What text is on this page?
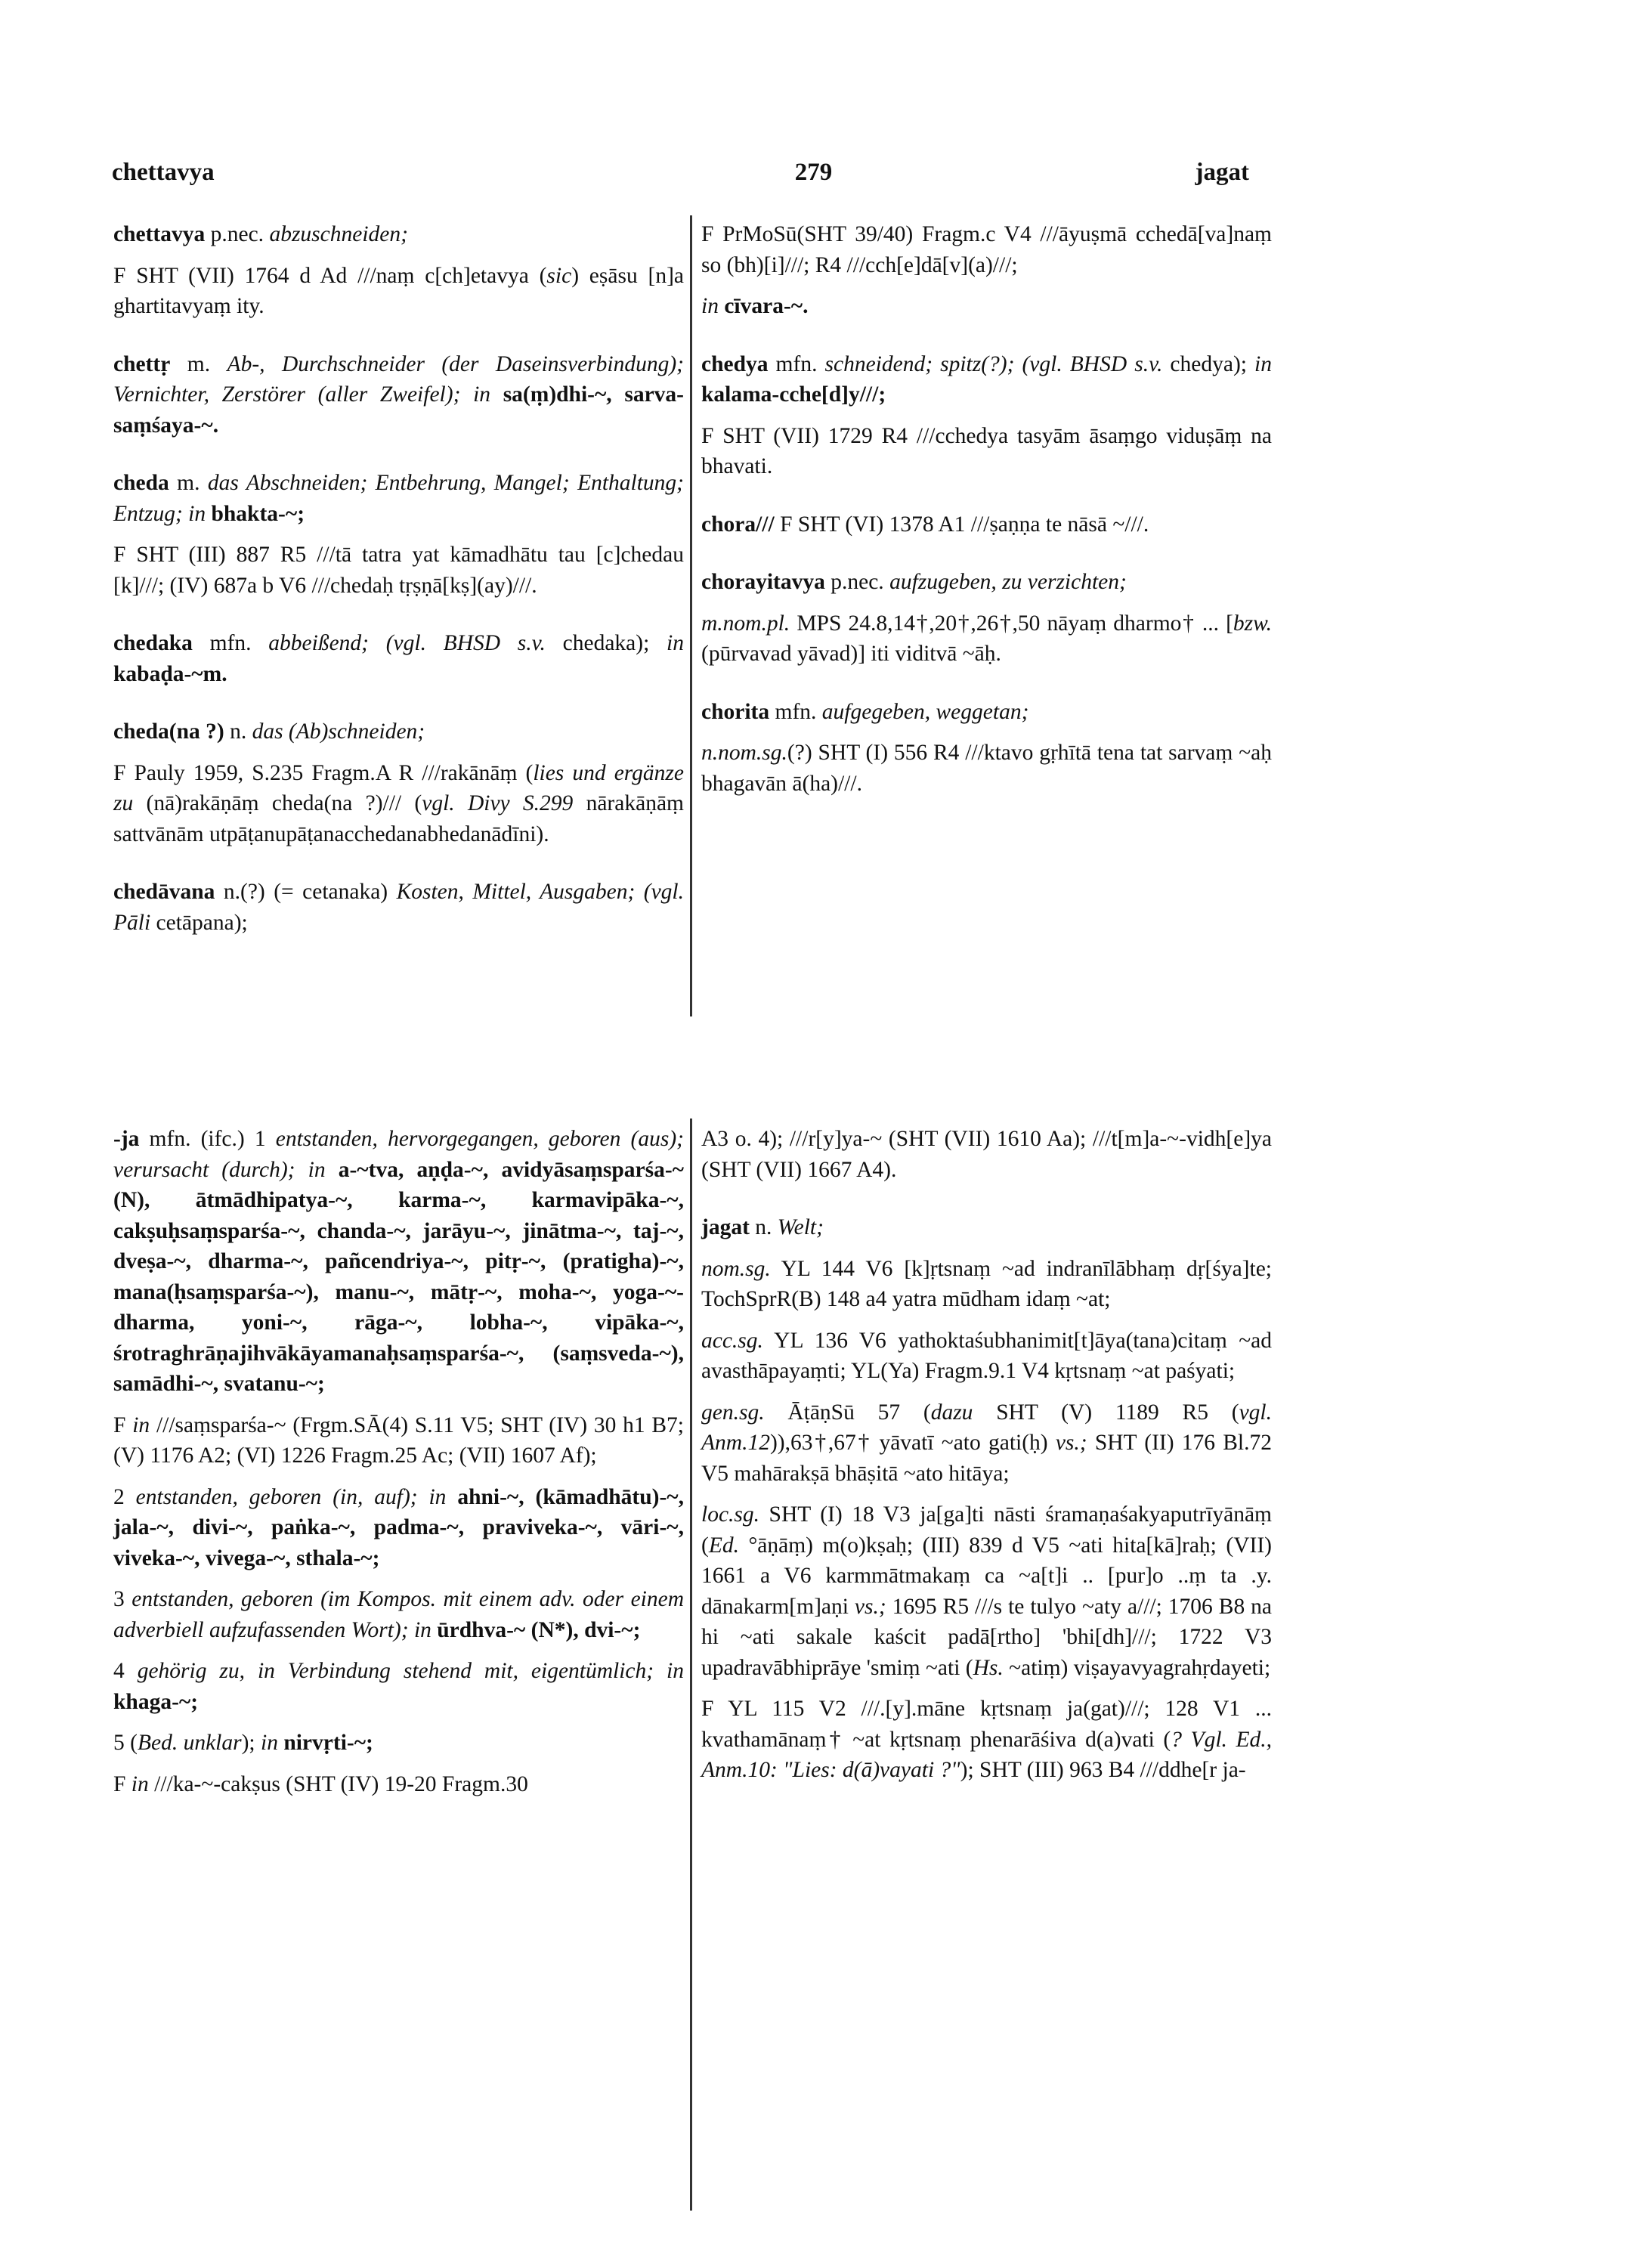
chettavya	279	jagat
chettavya p.nec. abzuschneiden;
F SHT (VII) 1764 d Ad ///naṃ c[ch]etavya (sic) eṣāsu [n]a ghartitavyaṃ ity.
chettṛ m. Ab-, Durchschneider (der Daseinsverbindung); Vernichter, Zerstörer (aller Zweifel); in sa(ṃ)dhi-~, sarva-saṃśaya-~.
cheda m. das Abschneiden; Entbehrung, Mangel; Enthaltung; Entzug; in bhakta-~;
F SHT (III) 887 R5 ///tā tatra yat kāmadhātu tau [c]chedau [k]///; (IV) 687a b V6 ///chedaḥ tṛṣṇā[kṣ](ay)///.
chedaka mfn. abbeißend; (vgl. BHSD s.v. chedaka); in kabaḍa-~m.
cheda(na ?) n. das (Ab)schneiden;
F Pauly 1959, S.235 Fragm.A R ///rakānāṃ (lies und ergänze zu (nā)rakāṇāṃ cheda(na ?)/// (vgl. Divy S.299 nārakāṇāṃ sattvānām utpāṭanupāṭanacchedanabhedanādīni).
chedāvana n.(?) (= cetanaka) Kosten, Mittel, Ausgaben; (vgl. Pāli cetāpana);
F PrMoSū(SHT 39/40) Fragm.c V4 ///āyuṣmā cchedā[va]naṃ so (bh)[i]///; R4 ///cch[e]dā[v](a)///;
in cīvara-~.
chedya mfn. schneidend; spitz(?); (vgl. BHSD s.v. chedya); in kalama-cche[d]y///;
F SHT (VII) 1729 R4 ///cchedya tasyām āsaṃgo viduṣāṃ na bhavati.
chora/// F SHT (VI) 1378 A1 ///ṣaṇṇa te nāsā ~///.
chorayitavya p.nec. aufzugeben, zu verzichten;
m.nom.pl. MPS 24.8,14†,20†,26†,50 nāyaṃ dharmo† ... [bzw. (pūrvavad yāvad)] iti viditvā ~āḥ.
chorita mfn. aufgegeben, weggetan;
n.nom.sg.(?) SHT (I) 556 R4 ///ktavo gṛhītā tena tat sarvaṃ ~aḥ bhagavān ā(ha)///.
-ja mfn. (ifc.) 1 entstanden, hervorgegangen, geboren (aus); verursacht (durch); in a-~tva, aṇḍa-~, avidyāsaṃsparśa-~ (N), ātmādhipatya-~, karma-~, karmavipāka-~, cakṣuḥsaṃsparśa-~, chanda-~, jarāyu-~, jinātma-~, taj-~, dveṣa-~, dharma-~, pañcendriya-~, pitṛ-~, (pratigha)-~, mana(ḥsaṃsparśa-~), manu-~, mātṛ-~, moha-~, yoga-~-dharma, yoni-~, rāga-~, lobha-~, vipāka-~, śrotraghrāṇajihvākāyamanaḥsaṃsparśa-~, (saṃsveda-~), samādhi-~, svatanu-~;
F in ///saṃsparśa-~ (Frgm.SĀ(4) S.11 V5; SHT (IV) 30 h1 B7; (V) 1176 A2; (VI) 1226 Fragm.25 Ac; (VII) 1607 Af);
2 entstanden, geboren (in, auf); in ahni-~, (kāmadhātu)-~, jala-~, divi-~, paṅka-~, padma-~, pravivekа-~, vāri-~, viveka-~, vivega-~, sthala-~;
3 entstanden, geboren (im Kompos. mit einem adv. oder einem adverbiell aufzufassenden Wort); in ūrdhva-~ (N*), dvi-~;
4 gehörig zu, in Verbindung stehend mit, eigentümlich; in khaga-~;
5 (Bed. unklar); in nirvṛti-~;
F in ///ka-~-cakṣus (SHT (IV) 19-20 Fragm.30
A3 o. 4); ///r[y]ya-~ (SHT (VII) 1610 Aa); ///t[m]a-~-vidh[e]ya (SHT (VII) 1667 A4).
jagat n. Welt;
nom.sg. YL 144 V6 [k]ṛtsnaṃ ~ad indranīlābhaṃ dṛ[śya]te; TochSprR(B) 148 a4 yatra mūdham idaṃ ~at;
acc.sg. YL 136 V6 yathoktaśubhanimit[t]āya(tana)citaṃ ~ad avasthāpayaṃti; YL(Ya) Fragm.9.1 V4 kṛtsnaṃ ~at paśyati;
gen.sg. ĀṭāṇSū 57 (dazu SHT (V) 1189 R5 (vgl. Anm.12)),63†,67† yāvatī ~ato gati(ḥ) vs.; SHT (II) 176 Bl.72 V5 mahārakṣā bhāṣitā ~ato hitāya;
loc.sg. SHT (I) 18 V3 ja[ga]ti nāsti śramaṇaśakyaputrīyānāṃ (Ed. °āṇāṃ) m(o)kṣaḥ; (III) 839 d V5 ~ati hita[kā]raḥ; (VII) 1661 a V6 karmmātmakaṃ ca ~a[t]i .. [pur]o ..ṃ ta .y. dānakarm[m]aṇi vs.; 1695 R5 ///s te tulyo ~aty a///; 1706 B8 na hi ~ati sakale kaścit padā[rtho] 'bhi[dh]///; 1722 V3 upadravābhiprāye 'smiṃ ~ati (Hs. ~atiṃ) viṣayavyagrahṛdayeti;
F YL 115 V2 ///.[y].māne kṛtsnaṃ ja(gat)///; 128 V1 ... kvathamānaṃ† ~at kṛtsnaṃ phenarāśiva d(a)vati (? Vgl. Ed., Anm.10: "Lies: d(ā)vayati ?"); SHT (III) 963 B4 ///ddhe[r ja-
